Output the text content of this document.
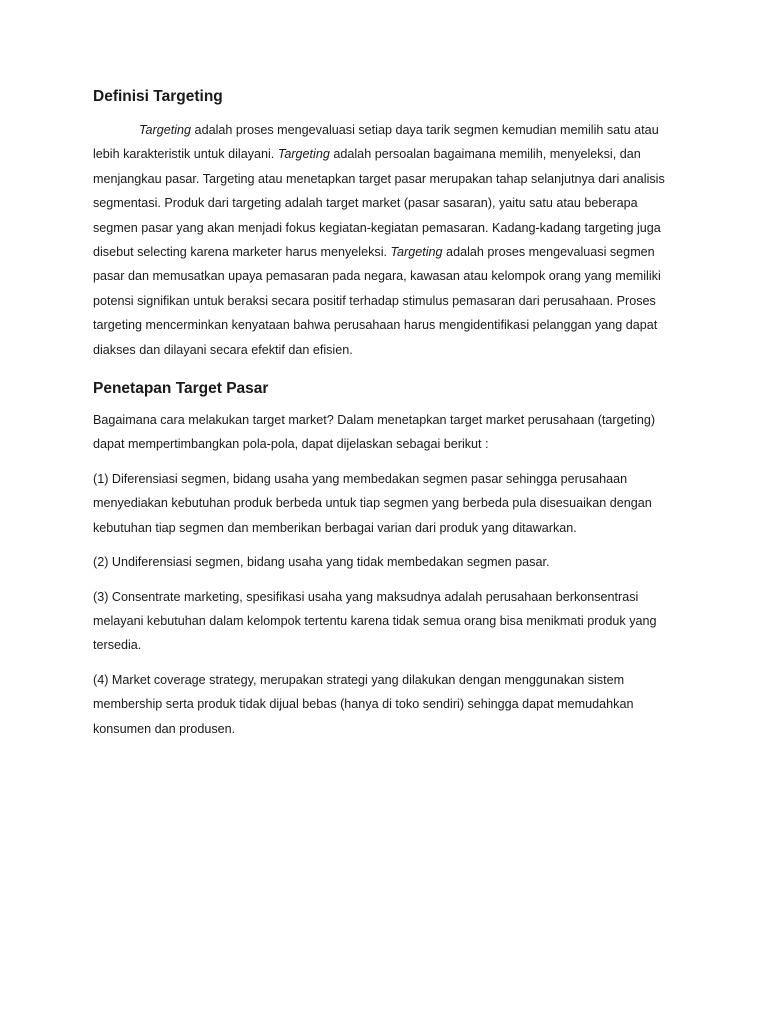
Definisi Targeting

Targeting adalah proses mengevaluasi setiap daya tarik segmen kemudian memilih satu atau lebih karakteristik untuk dilayani. Targeting adalah persoalan bagaimana memilih, menyeleksi, dan menjangkau pasar. Targeting atau menetapkan target pasar merupakan tahap selanjutnya dari analisis segmentasi. Produk dari targeting adalah target market (pasar sasaran), yaitu satu atau beberapa segmen pasar yang akan menjadi fokus kegiatan-kegiatan pemasaran. Kadang-kadang targeting juga disebut selecting karena marketer harus menyeleksi. Targeting adalah proses mengevaluasi segmen pasar dan memusatkan upaya pemasaran pada negara, kawasan atau kelompok orang yang memiliki potensi signifikan untuk beraksi secara positif terhadap stimulus pemasaran dari perusahaan. Proses targeting mencerminkan kenyataan bahwa perusahaan harus mengidentifikasi pelanggan yang dapat diakses dan dilayani secara efektif dan efisien.

Penetapan Target Pasar

Bagaimana cara melakukan target market? Dalam menetapkan target market perusahaan (targeting) dapat mempertimbangkan pola-pola, dapat dijelaskan sebagai berikut :

(1) Diferensiasi segmen, bidang usaha yang membedakan segmen pasar sehingga perusahaan menyediakan kebutuhan produk berbeda untuk tiap segmen yang berbeda pula disesuaikan dengan kebutuhan tiap segmen dan memberikan berbagai varian dari produk yang ditawarkan.

(2) Undiferensiasi segmen, bidang usaha yang tidak membedakan segmen pasar.

(3) Consentrate marketing, spesifikasi usaha yang maksudnya adalah perusahaan berkonsentrasi melayani kebutuhan dalam kelompok tertentu karena tidak semua orang bisa menikmati produk yang tersedia.

(4) Market coverage strategy, merupakan strategi yang dilakukan dengan menggunakan sistem membership serta produk tidak dijual bebas (hanya di toko sendiri) sehingga dapat memudahkan konsumen dan produsen.
